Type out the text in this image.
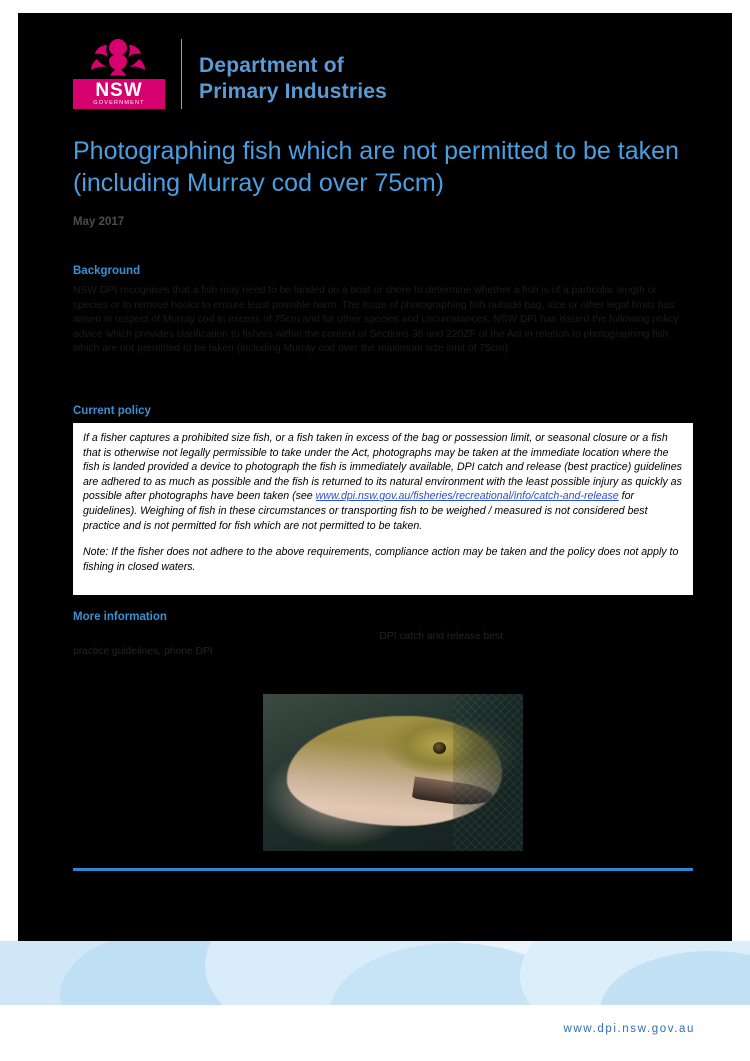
NSW
GOVERNMENT
Department of
Primary Industries
Photographing fish which are not permitted to be taken (including Murray cod over 75cm)
May 2017
Background
NSW DPI recognises that a fish may need to be landed on a boat or shore to determine whether a fish is of a particular length or species or to remove hooks to ensure least possible harm. The issue of photographing fish outside bag, size or other legal limits has arisen in respect of Murray cod in excess of 75cm and for other species and circumstances. NSW DPI has issued the following policy advice which provides clarification to fishers within the context of Sections 36 and 220ZF of the Act in relation to photographing fish which are not permitted to be taken (including Murray cod over the maximum size limit of 75cm).
Current policy

If a fisher captures a prohibited size fish, or a fish taken in excess of the bag or possession limit, or seasonal closure or a fish that is otherwise not legally permissible to take under the Act, photographs may be taken at the immediate location where the fish is landed provided a device to photograph the fish is immediately available, DPI catch and release (best practice) guidelines are adhered to as much as possible and the fish is returned to its natural environment with the least possible injury as quickly as possible after photographs have been taken (see www.dpi.nsw.gov.au/fisheries/recreational/info/catch-and-release for guidelines). Weighing of fish in these circumstances or transporting fish to be weighed / measured is not considered best practice and is not permitted for fish which are not permitted to be taken.

Note: If the fisher does not adhere to the above requirements, compliance action may be taken and the policy does not apply to fishing in closed waters.

More information
DPI catch and release best
practice guidelines, phone DPI
www.dpi.nsw.gov.au
